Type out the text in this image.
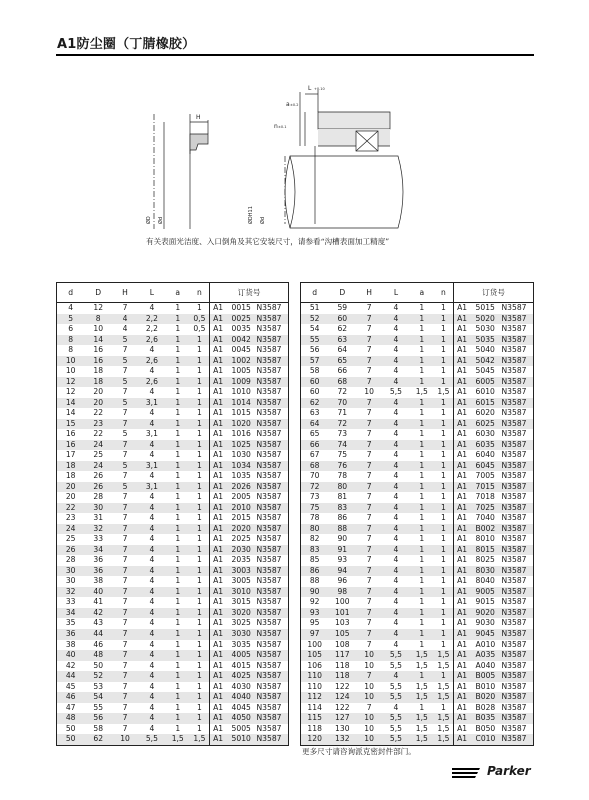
A1防尘圈（丁腈橡胶）
H
L +0.10
a ±0.2
n ±0.1
ØD Ød	ØDH11 Ød
有关表面光洁度、入口倒角及其它安装尺寸，请参看“沟槽表面加工精度”
d	D	H	L	a	n	订货号		
4	12	7	4	1	1	A1	0015	N3587
5	8	4	2,2	1	0,5	A1	0025	N3587
6	10	4	2,2	1	0,5	A1	0035	N3587
8	14	5	2,6	1	1	A1	0042	N3587
8	16	7	4	1	1	A1	0045	N3587
10	16	5	2,6	1	1	A1	1002	N3587
10	18	7	4	1	1	A1	1005	N3587
12	18	5	2,6	1	1	A1	1009	N3587
12	20	7	4	1	1	A1	1010	N3587
14	20	5	3,1	1	1	A1	1014	N3587
14	22	7	4	1	1	A1	1015	N3587
15	23	7	4	1	1	A1	1020	N3587
16	22	5	3,1	1	1	A1	1016	N3587
16	24	7	4	1	1	A1	1025	N3587
17	25	7	4	1	1	A1	1030	N3587
18	24	5	3,1	1	1	A1	1034	N3587
18	26	7	4	1	1	A1	1035	N3587
20	26	5	3,1	1	1	A1	2026	N3587
20	28	7	4	1	1	A1	2005	N3587
22	30	7	4	1	1	A1	2010	N3587
23	31	7	4	1	1	A1	2015	N3587
24	32	7	4	1	1	A1	2020	N3587
25	33	7	4	1	1	A1	2025	N3587
26	34	7	4	1	1	A1	2030	N3587
28	36	7	4	1	1	A1	2035	N3587
30	36	7	4	1	1	A1	3003	N3587
30	38	7	4	1	1	A1	3005	N3587
32	40	7	4	1	1	A1	3010	N3587
33	41	7	4	1	1	A1	3015	N3587
34	42	7	4	1	1	A1	3020	N3587
35	43	7	4	1	1	A1	3025	N3587
36	44	7	4	1	1	A1	3030	N3587
38	46	7	4	1	1	A1	3035	N3587
40	48	7	4	1	1	A1	4005	N3587
42	50	7	4	1	1	A1	4015	N3587
44	52	7	4	1	1	A1	4025	N3587
45	53	7	4	1	1	A1	4030	N3587
46	54	7	4	1	1	A1	4040	N3587
47	55	7	4	1	1	A1	4045	N3587
48	56	7	4	1	1	A1	4050	N3587
50	58	7	4	1	1	A1	5005	N3587
50	62	10	5,5	1,5	1,5	A1	5010	N3587
d	D	H	L	a	n	订货号		
51	59	7	4	1	1	A1	5015	N3587
52	60	7	4	1	1	A1	5020	N3587
54	62	7	4	1	1	A1	5030	N3587
55	63	7	4	1	1	A1	5035	N3587
56	64	7	4	1	1	A1	5040	N3587
57	65	7	4	1	1	A1	5042	N3587
58	66	7	4	1	1	A1	5045	N3587
60	68	7	4	1	1	A1	6005	N3587
60	72	10	5,5	1,5	1,5	A1	6010	N3587
62	70	7	4	1	1	A1	6015	N3587
63	71	7	4	1	1	A1	6020	N3587
64	72	7	4	1	1	A1	6025	N3587
65	73	7	4	1	1	A1	6030	N3587
66	74	7	4	1	1	A1	6035	N3587
67	75	7	4	1	1	A1	6040	N3587
68	76	7	4	1	1	A1	6045	N3587
70	78	7	4	1	1	A1	7005	N3587
72	80	7	4	1	1	A1	7015	N3587
73	81	7	4	1	1	A1	7018	N3587
75	83	7	4	1	1	A1	7025	N3587
78	86	7	4	1	1	A1	7040	N3587
80	88	7	4	1	1	A1	B002	N3587
82	90	7	4	1	1	A1	8010	N3587
83	91	7	4	1	1	A1	8015	N3587
85	93	7	4	1	1	A1	8025	N3587
86	94	7	4	1	1	A1	8030	N3587
88	96	7	4	1	1	A1	8040	N3587
90	98	7	4	1	1	A1	9005	N3587
92	100	7	4	1	1	A1	9015	N3587
93	101	7	4	1	1	A1	9020	N3587
95	103	7	4	1	1	A1	9030	N3587
97	105	7	4	1	1	A1	9045	N3587
100	108	7	4	1	1	A1	A010	N3587
105	117	10	5,5	1,5	1,5	A1	A035	N3587
106	118	10	5,5	1,5	1,5	A1	A040	N3587
110	118	7	4	1	1	A1	B005	N3587
110	122	10	5,5	1,5	1,5	A1	B010	N3587
112	124	10	5,5	1,5	1,5	A1	B020	N3587
114	122	7	4	1	1	A1	B028	N3587
115	127	10	5,5	1,5	1,5	A1	B035	N3587
118	130	10	5,5	1,5	1,5	A1	B050	N3587
120	132	10	5,5	1,5	1,5	A1	C010	N3587
更多尺寸请咨询派克密封件部门。
Parker
